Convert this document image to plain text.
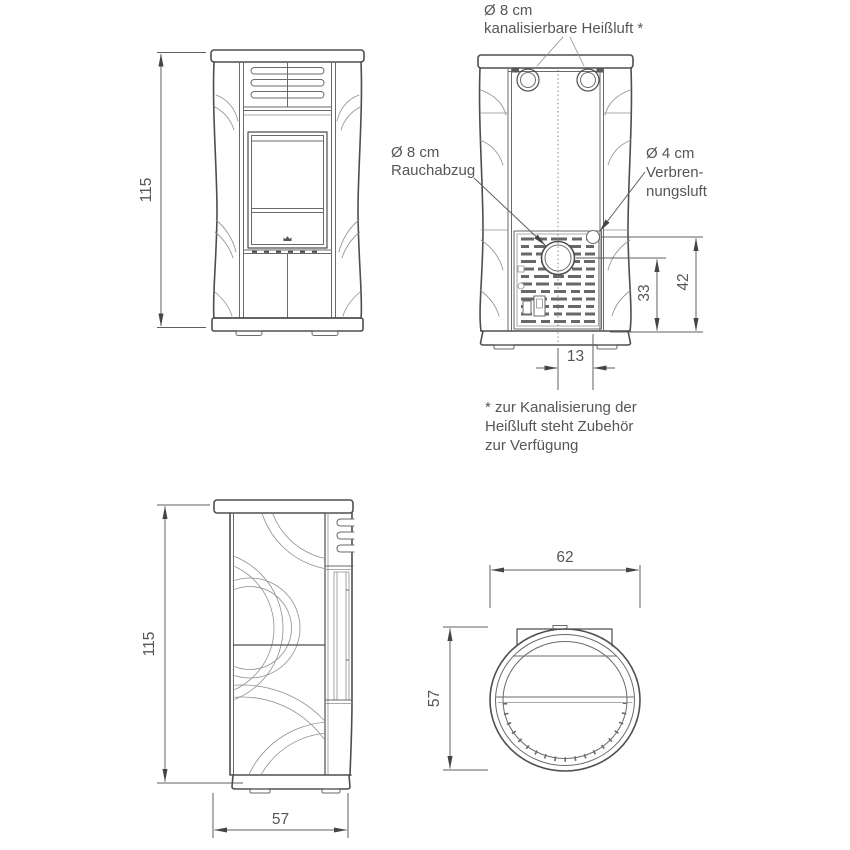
115
Ø 8 cm
kanalisierbare Heißluft *
Ø 8 cm
Rauchabzug
Ø 4 cm
Verbren-
nungsluft
42
33
13
* zur Kanalisierung der
Heißluft steht Zubehör
zur Verfügung
115
57
62
57
